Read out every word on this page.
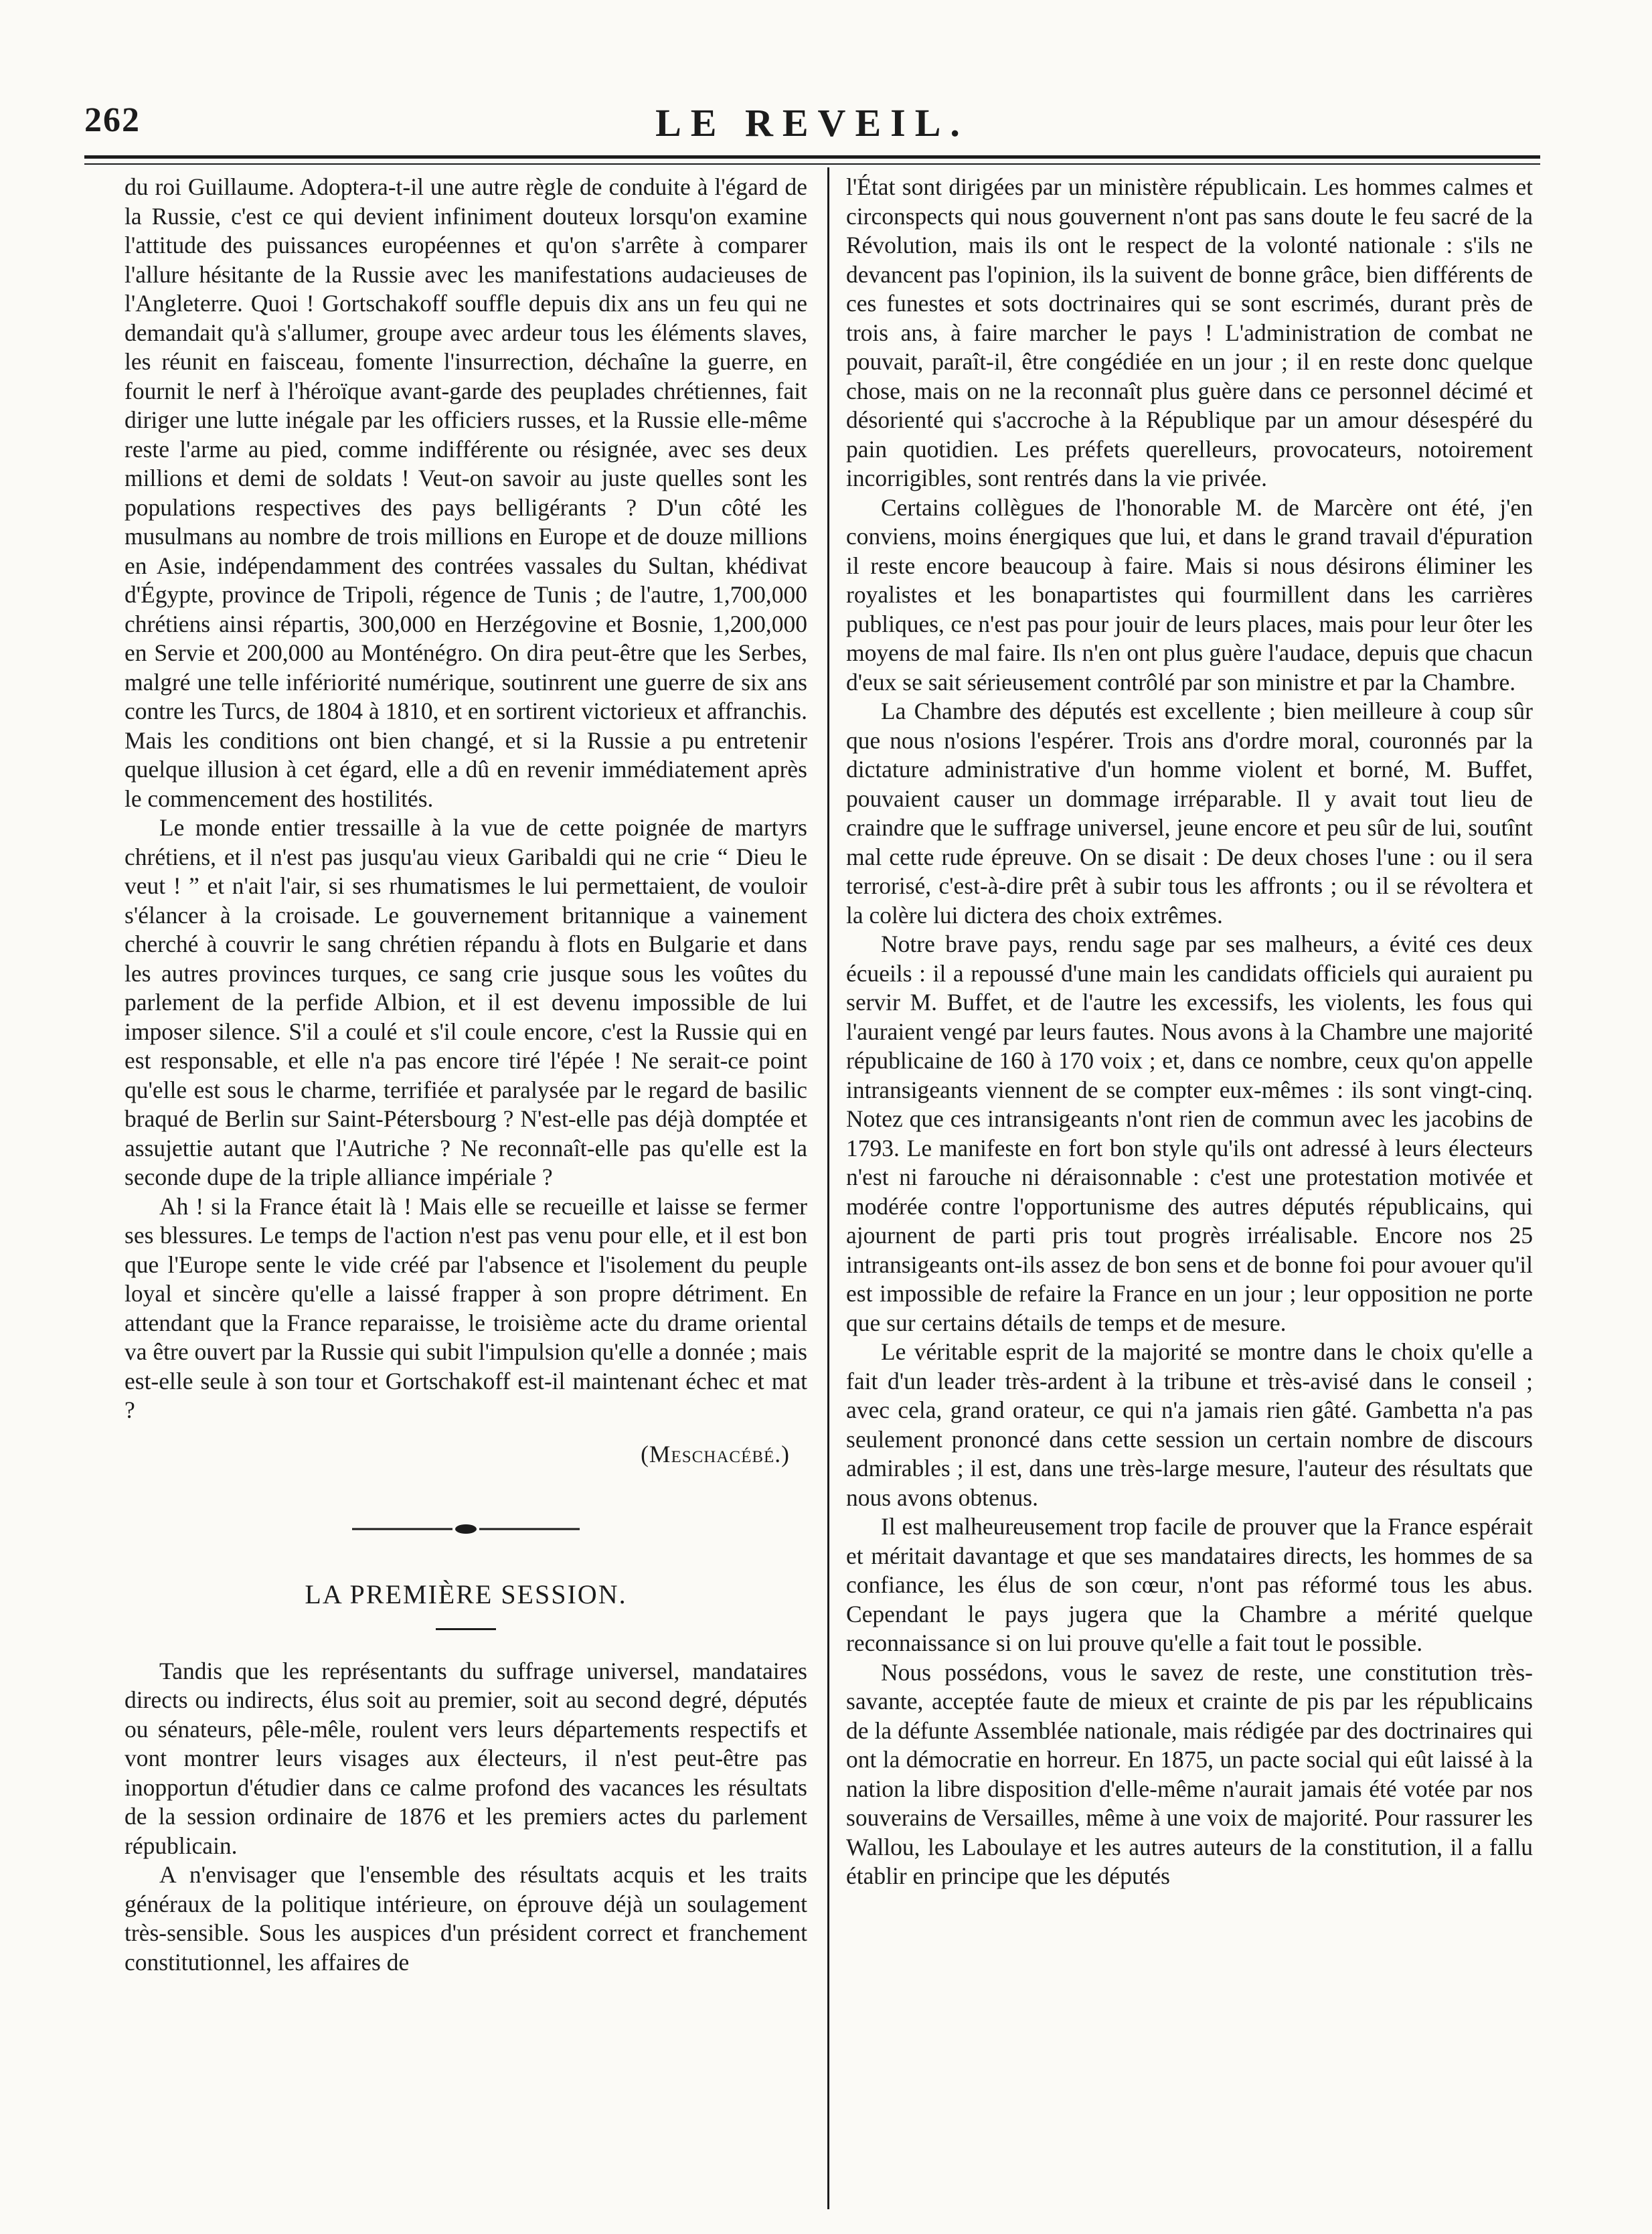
262	LE REVEIL.

du roi Guillaume. Adoptera-t-il une autre règle de conduite à l'égard de la Russie, c'est ce qui devient infiniment douteux lorsqu'on examine l'attitude des puissances européennes et qu'on s'arrête à comparer l'allure hésitante de la Russie avec les manifestations audacieuses de l'Angleterre. Quoi ! Gortschakoff souffle depuis dix ans un feu qui ne demandait qu'à s'allumer, groupe avec ardeur tous les éléments slaves, les réunit en faisceau, fomente l'insurrection, déchaîne la guerre, en fournit le nerf à l'héroïque avant-garde des peuplades chrétiennes, fait diriger une lutte inégale par les officiers russes, et la Russie elle-même reste l'arme au pied, comme indifférente ou résignée, avec ses deux millions et demi de soldats ! Veut-on savoir au juste quelles sont les populations respectives des pays belligérants ? D'un côté les musulmans au nombre de trois millions en Europe et de douze millions en Asie, indépendamment des contrées vassales du Sultan, khédivat d'Égypte, province de Tripoli, régence de Tunis ; de l'autre, 1,700,000 chrétiens ainsi répartis, 300,000 en Herzégovine et Bosnie, 1,200,000 en Servie et 200,000 au Monténégro. On dira peut-être que les Serbes, malgré une telle infériorité numérique, soutinrent une guerre de six ans contre les Turcs, de 1804 à 1810, et en sortirent victorieux et affranchis. Mais les conditions ont bien changé, et si la Russie a pu entretenir quelque illusion à cet égard, elle a dû en revenir immédiatement après le commencement des hostilités.

Le monde entier tressaille à la vue de cette poignée de martyrs chrétiens, et il n'est pas jusqu'au vieux Garibaldi qui ne crie “ Dieu le veut ! ” et n'ait l'air, si ses rhumatismes le lui permettaient, de vouloir s'élancer à la croisade. Le gouvernement britannique a vainement cherché à couvrir le sang chrétien répandu à flots en Bulgarie et dans les autres provinces turques, ce sang crie jusque sous les voûtes du parlement de la perfide Albion, et il est devenu impossible de lui imposer silence. S'il a coulé et s'il coule encore, c'est la Russie qui en est responsable, et elle n'a pas encore tiré l'épée ! Ne serait-ce point qu'elle est sous le charme, terrifiée et paralysée par le regard de basilic braqué de Berlin sur Saint-Pétersbourg ? N'est-elle pas déjà domptée et assujettie autant que l'Autriche ? Ne reconnaît-elle pas qu'elle est la seconde dupe de la triple alliance impériale ?

Ah ! si la France était là ! Mais elle se recueille et laisse se fermer ses blessures. Le temps de l'action n'est pas venu pour elle, et il est bon que l'Europe sente le vide créé par l'absence et l'isolement du peuple loyal et sincère qu'elle a laissé frapper à son propre détriment. En attendant que la France reparaisse, le troisième acte du drame oriental va être ouvert par la Russie qui subit l'impulsion qu'elle a donnée ; mais est-elle seule à son tour et Gortschakoff est-il maintenant échec et mat ?

(Meschacébé.)

LA PREMIÈRE SESSION.

Tandis que les représentants du suffrage universel, mandataires directs ou indirects, élus soit au premier, soit au second degré, députés ou sénateurs, pêle-mêle, roulent vers leurs départements respectifs et vont montrer leurs visages aux électeurs, il n'est peut-être pas inopportun d'étudier dans ce calme profond des vacances les résultats de la session ordinaire de 1876 et les premiers actes du parlement républicain.

A n'envisager que l'ensemble des résultats acquis et les traits généraux de la politique intérieure, on éprouve déjà un soulagement très-sensible. Sous les auspices d'un président correct et franchement constitutionnel, les affaires de

l'État sont dirigées par un ministère républicain. Les hommes calmes et circonspects qui nous gouvernent n'ont pas sans doute le feu sacré de la Révolution, mais ils ont le respect de la volonté nationale : s'ils ne devancent pas l'opinion, ils la suivent de bonne grâce, bien différents de ces funestes et sots doctrinaires qui se sont escrimés, durant près de trois ans, à faire marcher le pays ! L'administration de combat ne pouvait, paraît-il, être congédiée en un jour ; il en reste donc quelque chose, mais on ne la reconnaît plus guère dans ce personnel décimé et désorienté qui s'accroche à la République par un amour désespéré du pain quotidien. Les préfets querelleurs, provocateurs, notoirement incorrigibles, sont rentrés dans la vie privée.

Certains collègues de l'honorable M. de Marcère ont été, j'en conviens, moins énergiques que lui, et dans le grand travail d'épuration il reste encore beaucoup à faire. Mais si nous désirons éliminer les royalistes et les bonapartistes qui fourmillent dans les carrières publiques, ce n'est pas pour jouir de leurs places, mais pour leur ôter les moyens de mal faire. Ils n'en ont plus guère l'audace, depuis que chacun d'eux se sait sérieusement contrôlé par son ministre et par la Chambre.

La Chambre des députés est excellente ; bien meilleure à coup sûr que nous n'osions l'espérer. Trois ans d'ordre moral, couronnés par la dictature administrative d'un homme violent et borné, M. Buffet, pouvaient causer un dommage irréparable. Il y avait tout lieu de craindre que le suffrage universel, jeune encore et peu sûr de lui, soutînt mal cette rude épreuve. On se disait : De deux choses l'une : ou il sera terrorisé, c'est-à-dire prêt à subir tous les affronts ; ou il se révoltera et la colère lui dictera des choix extrêmes.

Notre brave pays, rendu sage par ses malheurs, a évité ces deux écueils : il a repoussé d'une main les candidats officiels qui auraient pu servir M. Buffet, et de l'autre les excessifs, les violents, les fous qui l'auraient vengé par leurs fautes. Nous avons à la Chambre une majorité républicaine de 160 à 170 voix ; et, dans ce nombre, ceux qu'on appelle intransigeants viennent de se compter eux-mêmes : ils sont vingt-cinq. Notez que ces intransigeants n'ont rien de commun avec les jacobins de 1793. Le manifeste en fort bon style qu'ils ont adressé à leurs électeurs n'est ni farouche ni déraisonnable : c'est une protestation motivée et modérée contre l'opportunisme des autres députés républicains, qui ajournent de parti pris tout progrès irréalisable. Encore nos 25 intransigeants ont-ils assez de bon sens et de bonne foi pour avouer qu'il est impossible de refaire la France en un jour ; leur opposition ne porte que sur certains détails de temps et de mesure.

Le véritable esprit de la majorité se montre dans le choix qu'elle a fait d'un leader très-ardent à la tribune et très-avisé dans le conseil ; avec cela, grand orateur, ce qui n'a jamais rien gâté. Gambetta n'a pas seulement prononcé dans cette session un certain nombre de discours admirables ; il est, dans une très-large mesure, l'auteur des résultats que nous avons obtenus.

Il est malheureusement trop facile de prouver que la France espérait et méritait davantage et que ses mandataires directs, les hommes de sa confiance, les élus de son cœur, n'ont pas réformé tous les abus. Cependant le pays jugera que la Chambre a mérité quelque reconnaissance si on lui prouve qu'elle a fait tout le possible.

Nous possédons, vous le savez de reste, une constitution très-savante, acceptée faute de mieux et crainte de pis par les républicains de la défunte Assemblée nationale, mais rédigée par des doctrinaires qui ont la démocratie en horreur. En 1875, un pacte social qui eût laissé à la nation la libre disposition d'elle-même n'aurait jamais été votée par nos souverains de Versailles, même à une voix de majorité. Pour rassurer les Wallou, les Laboulaye et les autres auteurs de la constitution, il a fallu établir en principe que les députés
